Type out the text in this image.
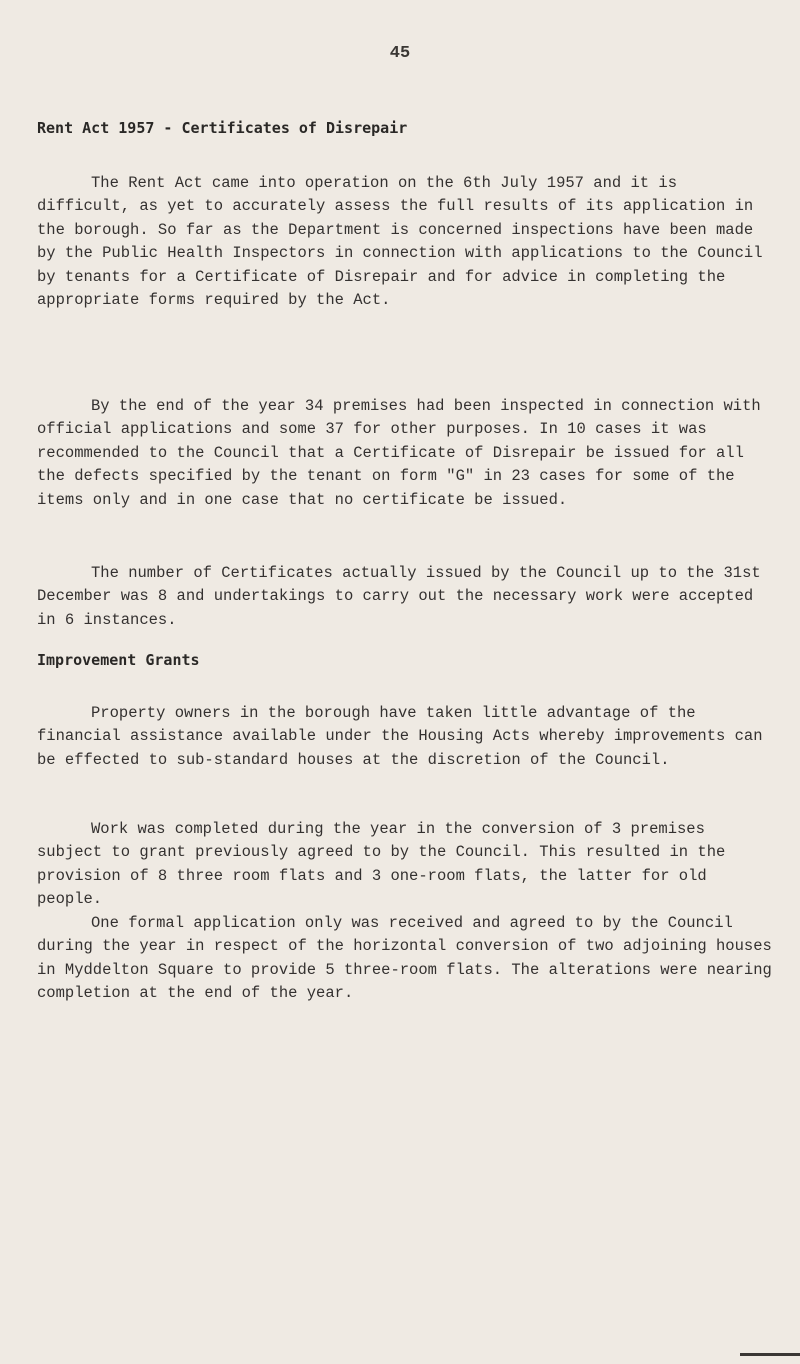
45
Rent Act 1957 - Certificates of Disrepair

The Rent Act came into operation on the 6th July 1957 and it is difficult, as yet to accurately assess the full results of its application in the borough. So far as the Department is concerned inspections have been made by the Public Health Inspectors in connection with applications to the Council by tenants for a Certificate of Disrepair and for advice in completing the appropriate forms required by the Act.

By the end of the year 34 premises had been inspected in connection with official applications and some 37 for other purposes. In 10 cases it was recommended to the Council that a Certificate of Disrepair be issued for all the defects specified by the tenant on form "G" in 23 cases for some of the items only and in one case that no certificate be issued.

The number of Certificates actually issued by the Council up to the 31st December was 8 and undertakings to carry out the necessary work were accepted in 6 instances.

Improvement Grants

Property owners in the borough have taken little advantage of the financial assistance available under the Housing Acts whereby improvements can be effected to sub-standard houses at the discretion of the Council.

Work was completed during the year in the conversion of 3 premises subject to grant previously agreed to by the Council. This resulted in the provision of 8 three room flats and 3 one-room flats, the latter for old people.

One formal application only was received and agreed to by the Council during the year in respect of the horizontal conversion of two adjoining houses in Myddelton Square to provide 5 three-room flats. The alterations were nearing completion at the end of the year.
